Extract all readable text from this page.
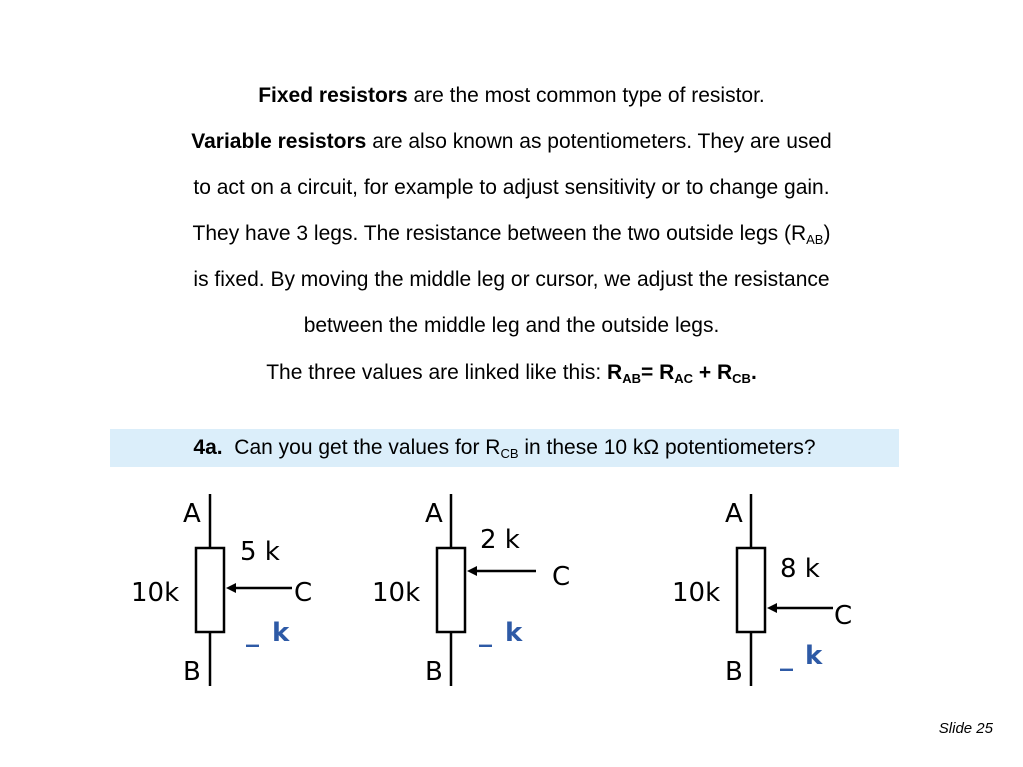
Fixed resistors are the most common type of resistor.
Variable resistors are also known as potentiometers. They are used
to act on a circuit, for example to adjust sensitivity or to change gain.
They have 3 legs. The resistance between the two outside legs $(R_{AB})$
is fixed. By moving the middle leg or cursor, we adjust the resistance
between the middle leg and the outside legs.
The three values are linked like this: $R_{AB}= R_{AC} + R_{CB}$.
4a.  Can you get the values for $R_{CB}$ in these 10 kΩ potentiometers?
A
B
10k	C
5 k
_ k
A
B
10k
C
2 k
_ k
A
B
10k
C
8 k
_ k
Slide 25
